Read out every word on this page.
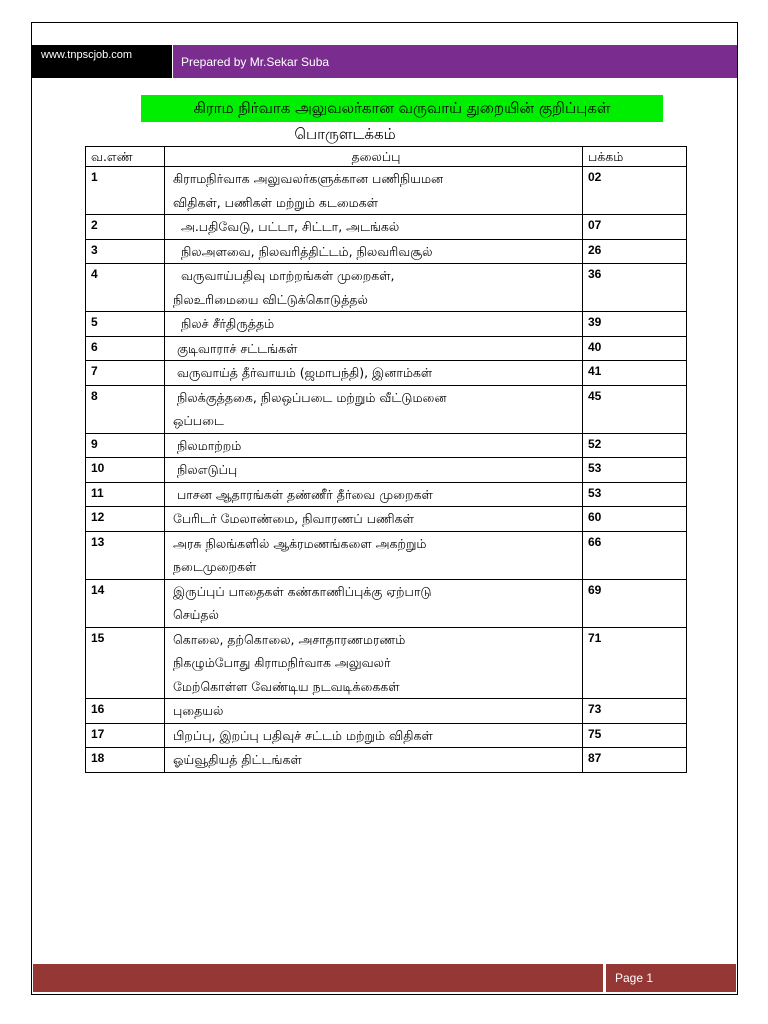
www.tnpscjob.com	Prepared by Mr.Sekar Suba
கிராம நிர்வாக அலுவலர்கான வருவாய் துறையின் குறிப்புகள்
பொருளடக்கம்
வ.எண்	தலைப்பு	பக்கம்
1	கிராமநிர்வாக அலுவலர்களுக்கான பணிநியமன
விதிகள், பணிகள் மற்றும் கடமைகள்	02
2	அ.பதிவேடு, பட்டா, சிட்டா, அடங்கல்	07
3	நிலஅளவை, நிலவரித்திட்டம், நிலவரிவசூல்	26
4	வருவாய்பதிவு மாற்றங்கள் முறைகள்,
நிலஉரிமையை விட்டுக்கொடுத்தல்	36
5	நிலச் சீர்திருத்தம்	39
6	குடிவாராச் சட்டங்கள்	40
7	வருவாய்த் தீர்வாயம் (ஜமாபந்தி), இனாம்கள்	41
8	நிலக்குத்தகை, நிலஒப்படை மற்றும் வீட்டுமனை
ஒப்படை	45
9	நிலமாற்றம்	52
10	நிலஎடுப்பு	53
11	பாசன ஆதாரங்கள் தண்ணீர் தீர்வை முறைகள்	53
12	பேரிடர் மேலாண்மை, நிவாரணப் பணிகள்	60
13	அரசு நிலங்களில் ஆக்ரமணங்களை அகற்றும்
நடைமுறைகள்	66
14	இருப்புப் பாதைகள் கண்காணிப்புக்கு ஏற்பாடு
செய்தல்	69
15	கொலை, தற்கொலை, அசாதாரணமரணம்
நிகழும்போது கிராமநிர்வாக அலுவலர்
மேற்கொள்ள வேண்டிய நடவடிக்கைகள்	71
16	புதையல்	73
17	பிறப்பு, இறப்பு பதிவுச் சட்டம் மற்றும் விதிகள்	75
18	ஓய்வூதியத் திட்டங்கள்	87
Page 1
